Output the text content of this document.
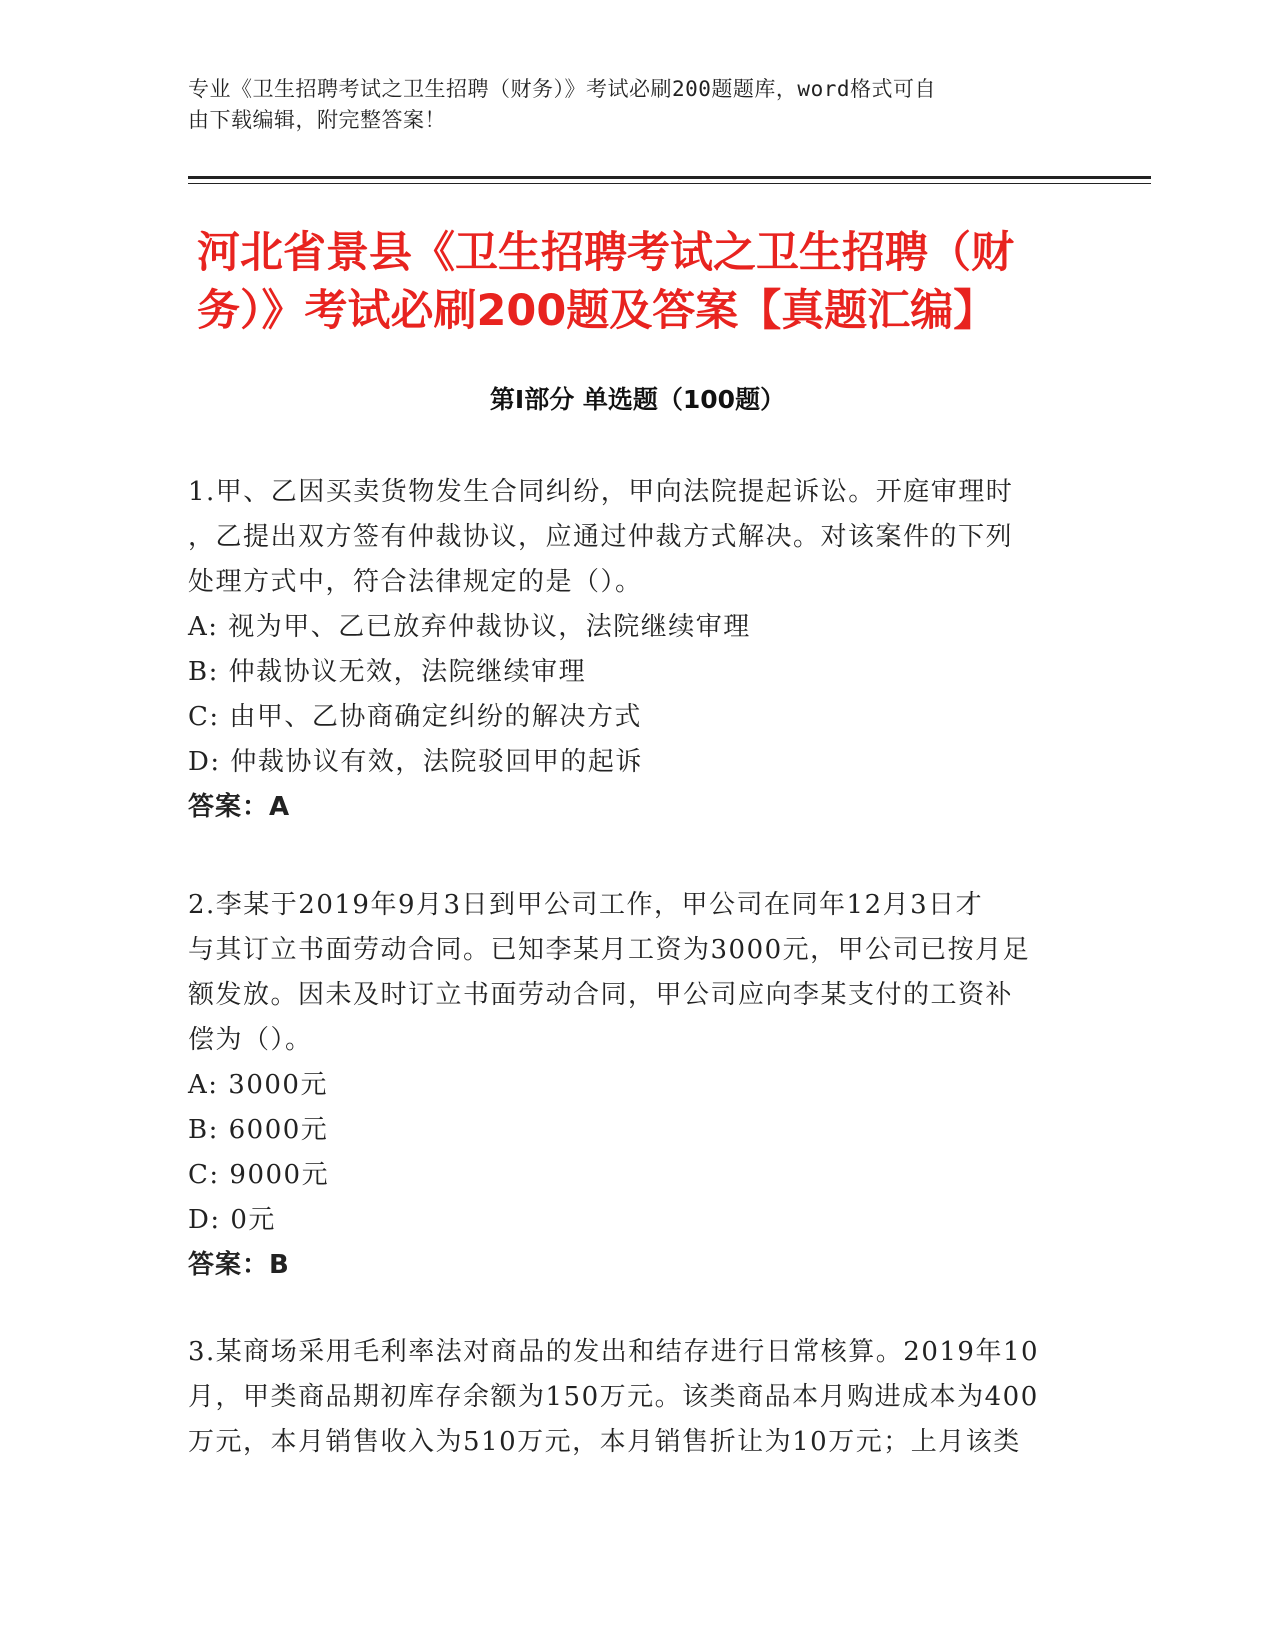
专业《卫生招聘考试之卫生招聘（财务）》考试必刷200题题库，word格式可自
由下载编辑，附完整答案！
河北省景县《卫生招聘考试之卫生招聘（财
务）》考试必刷200题及答案【真题汇编】
第Ⅰ部分 单选题（100题）
1.甲、乙因买卖货物发生合同纠纷，甲向法院提起诉讼。开庭审理时
，乙提出双方签有仲裁协议，应通过仲裁方式解决。对该案件的下列
处理方式中，符合法律规定的是（）。
A: 视为甲、乙已放弃仲裁协议，法院继续审理
B: 仲裁协议无效，法院继续审理
C: 由甲、乙协商确定纠纷的解决方式
D: 仲裁协议有效，法院驳回甲的起诉
答案：A
2.李某于2019年9月3日到甲公司工作，甲公司在同年12月3日才
与其订立书面劳动合同。已知李某月工资为3000元，甲公司已按月足
额发放。因未及时订立书面劳动合同，甲公司应向李某支付的工资补
偿为（）。
A: 3000元
B: 6000元
C: 9000元
D: 0元
答案：B
3.某商场采用毛利率法对商品的发出和结存进行日常核算。2019年10
月，甲类商品期初库存余额为150万元。该类商品本月购进成本为400
万元，本月销售收入为510万元，本月销售折让为10万元；上月该类
